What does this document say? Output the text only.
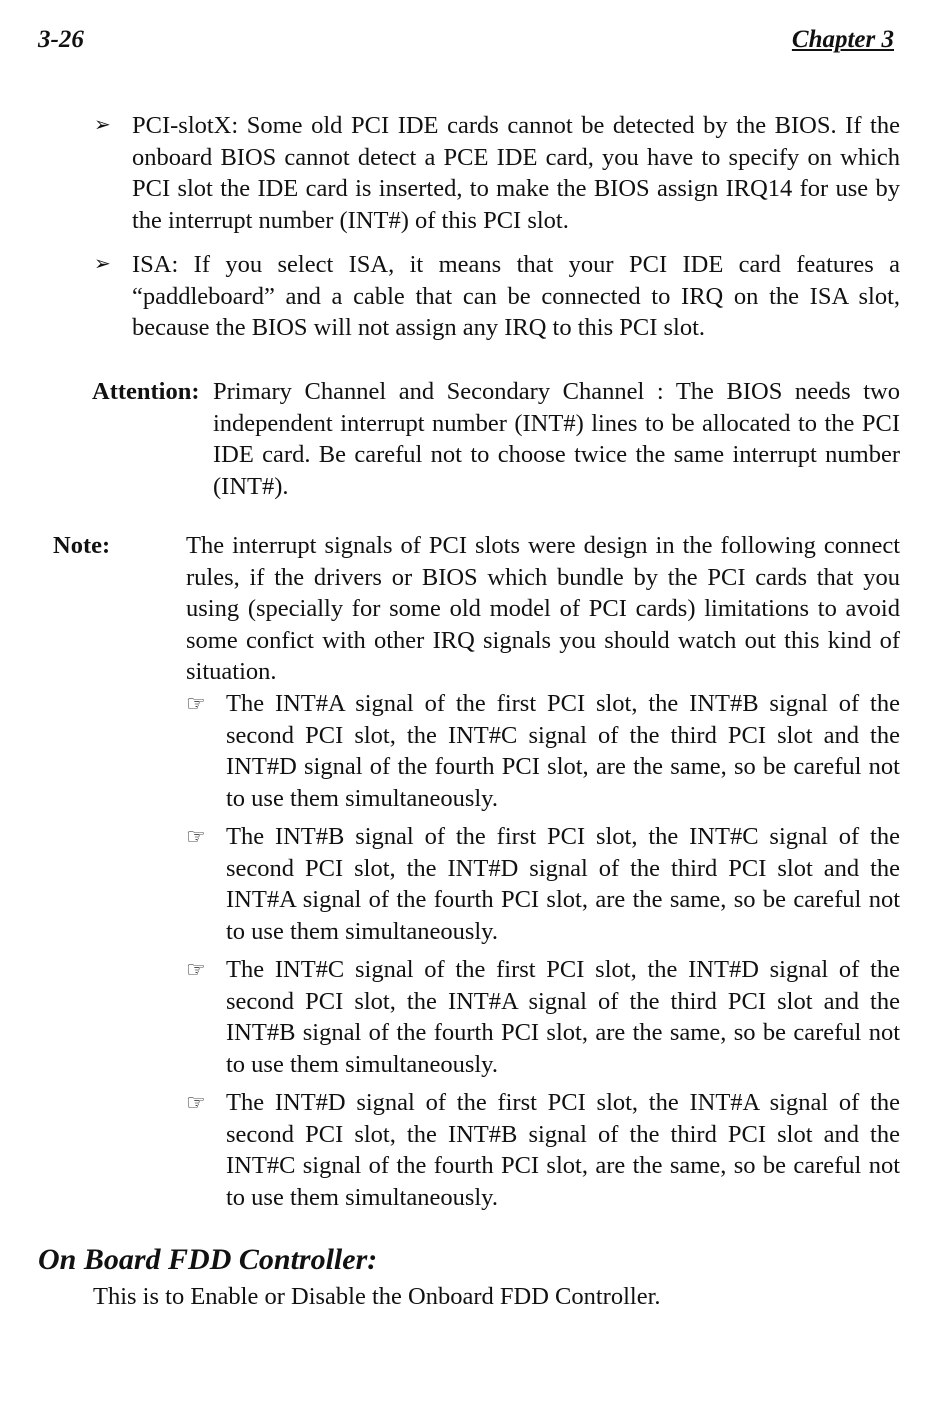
3-26	Chapter 3
➢ PCI-slotX: Some old PCI IDE cards cannot be detected by the BIOS. If the onboard BIOS cannot detect a PCE IDE card, you have to specify on which PCI slot the IDE card is inserted, to make the BIOS assign IRQ14 for use by the interrupt number (INT#) of this PCI slot.
➢ ISA: If you select ISA, it means that your PCI IDE card features a “paddleboard” and a cable that can be connected to IRQ on the ISA slot, because the BIOS will not assign any IRQ to this PCI slot.
Attention: Primary Channel and Secondary Channel : The BIOS needs two independent interrupt number (INT#) lines to be allocated to the PCI IDE card. Be careful not to choose twice the same interrupt number (INT#).
Note:	The interrupt signals of PCI slots were design in the following connect rules, if the drivers or BIOS which bundle by the PCI cards that you using (specially for some old model of PCI cards) limitations to avoid some confict with other IRQ signals you should watch out this kind of situation.
☞ The INT#A signal of the first PCI slot, the INT#B signal of the second PCI slot, the INT#C signal of the third PCI slot and the INT#D signal of the fourth PCI slot, are the same, so be careful not to use them simultaneously.
☞ The INT#B signal of the first PCI slot, the INT#C signal of the second PCI slot, the INT#D signal of the third PCI slot and the INT#A signal of the fourth PCI slot, are the same, so be careful not to use them simultaneously.
☞ The INT#C signal of the first PCI slot, the INT#D signal of the second PCI slot, the INT#A signal of the third PCI slot and the INT#B signal of the fourth PCI slot, are the same, so be careful not to use them simultaneously.
☞ The INT#D signal of the first PCI slot, the INT#A signal of the second PCI slot, the INT#B signal of the third PCI slot and the INT#C signal of the fourth PCI slot, are the same, so be careful not to use them simultaneously.
On Board FDD Controller:
This is to Enable or Disable the Onboard FDD Controller.
